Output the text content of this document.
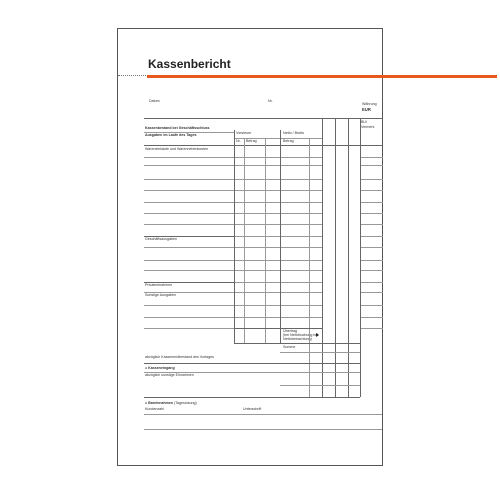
Kassenbericht
Datum	Nr.
Währung
EUR
BU/
Vermerk
Kassenbestand bei Geschäftsschluss
Ausgaben im Laufe des Tages	Vorsteuer
Nr. Betrag
Netto / Brutto
Betrag
Wareneinkäufe und Warennebenkosten
Geschäftsausgaben
Privatentnahmen
Sonstige Ausgaben
Übertrag
(bei Nettobuchung bei
Nettobetrachtung)
Summe
abzüglich Kassenendbestand des Vortages
= Kasseneingang
abzüglich sonstige Einnahmen
= Bareinnahmen (Tageslosung)
Kundenzahl	Unterschrift
